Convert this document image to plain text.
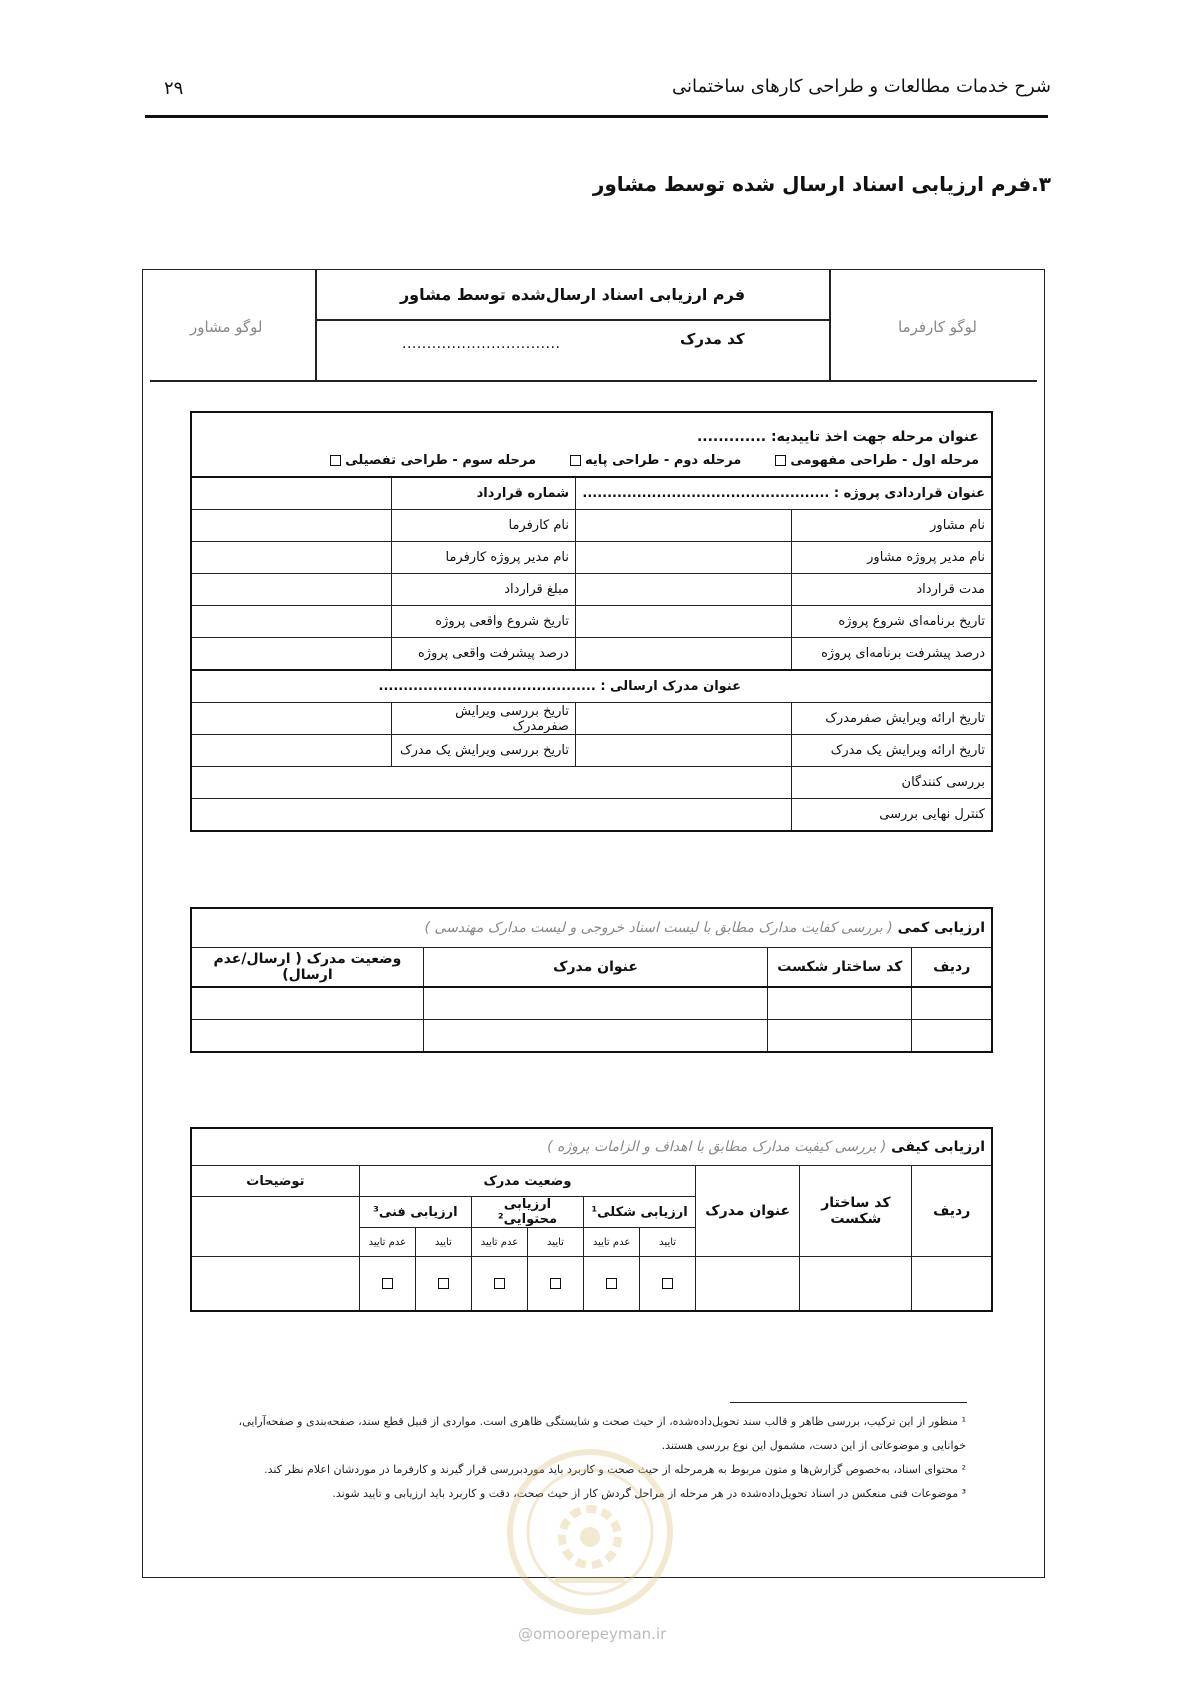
۲۹	شرح خدمات مطالعات و طراحی کارهای ساختمانی
۳.فرم ارزیابی اسناد ارسال شده توسط مشاور
لوگو مشاور	لوگو کارفرما
فرم ارزیابی اسناد ارسال‌شده توسط مشاور
کد مدرک
................................
عنوان مرحله جهت اخذ تاییدیه: .............
مرحله اول - طراحی مفهومی
مرحله دوم - طراحی پایه
مرحله سوم - طراحی تفصیلی			

عنوان قراردادی پروژه : ..................................................		شماره قرارداد	
نام مشاور		نام کارفرما	
نام مدیر پروژه مشاور		نام مدیر پروژه کارفرما	
مدت قرارداد		مبلغ قرارداد	
تاریخ برنامه‌ای شروع پروژه		تاریخ شروع واقعی پروژه	
درصد پیشرفت برنامه‌ای پروژه		درصد پیشرفت واقعی پروژه	
عنوان مدرک ارسالی : ............................................			
تاریخ ارائه ویرایش صفرمدرک		تاریخ بررسی ویرایش صفرمدرک	
تاریخ ارائه ویرایش یک مدرک		تاریخ بررسی ویرایش یک مدرک	
بررسی کنندگان			
کنترل نهایی بررسی			
ارزیابی کمی ( بررسی کفایت مدارک مطابق با لیست اسناد خروجی و لیست مدارک مهندسی )			
ردیف	کد ساختار شکست	عنوان مدرک	وضعیت مدرک ( ارسال/عدم ارسال)

ارزیابی کیفی ( بررسی کیفیت مدارک مطابق با اهداف و الزامات پروژه )									
ردیف	کد ساختار شکست	عنوان مدرک	وضعیت مدرک						توضیحات
			ارزیابی شکلی¹		ارزیابی محتوایی²		ارزیابی فنی³		
			تایید	عدم تایید	تایید	عدم تایید	تایید	عدم تایید	

¹ منظور از این ترکیب، بررسی ظاهر و قالب سند تحویل‌داده‌شده، از حیث صحت و شایستگی ظاهری است. مواردی از قبیل قطع سند، صفحه‌بندی و صفحه‌آرایی،

خوانایی و موضوعاتی از این دست، مشمول این نوع بررسی هستند.

² محتوای اسناد، به‌خصوص گزارش‌ها و متون مربوط به هرمرحله از حیث صحت و کاربرد باید موردبررسی قرار گیرند و کارفرما در موردشان اعلام نظر کند.

³ موضوعات فنی منعکس در اسناد تحویل‌داده‌شده در هر مرحله از مراحل گردش کار از حیث صحت، دقت و کاربرد باید ارزیابی و تایید شوند.

@omoorepeyman.ir
